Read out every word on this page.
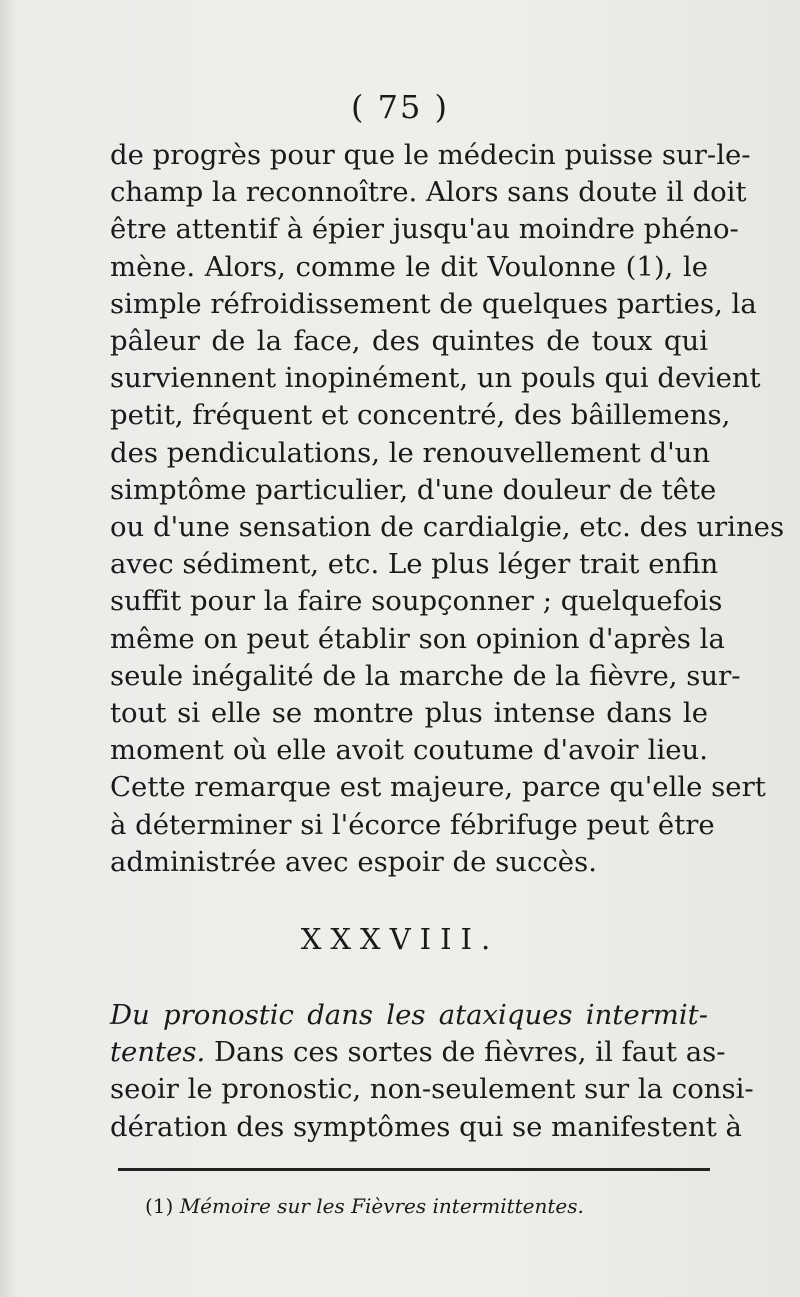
( 75 )
de progrès pour que le médecin puisse sur-le-
champ la reconnoître. Alors sans doute il doit
être attentif à épier jusqu'au moindre phéno-
mène. Alors, comme le dit Voulonne (1), le
simple réfroidissement de quelques parties, la
pâleur de la face, des quintes de toux qui
surviennent inopinément, un pouls qui devient
petit, fréquent et concentré, des bâillemens,
des pendiculations, le renouvellement d'un
simptôme particulier, d'une douleur de tête
ou d'une sensation de cardialgie, etc. des urines
avec sédiment, etc. Le plus léger trait enfin
suffit pour la faire soupçonner ; quelquefois
même on peut établir son opinion d'après la
seule inégalité de la marche de la fièvre, sur-
tout si elle se montre plus intense dans le
moment où elle avoit coutume d'avoir lieu.
Cette remarque est majeure, parce qu'elle sert
à déterminer si l'écorce fébrifuge peut être
administrée avec espoir de succès.
XXXVIII.
Du pronostic dans les ataxiques intermit-
tentes. Dans ces sortes de fièvres, il faut as-
seoir le pronostic, non-seulement sur la consi-
dération des symptômes qui se manifestent à
(1) Mémoire sur les Fièvres intermittentes.
